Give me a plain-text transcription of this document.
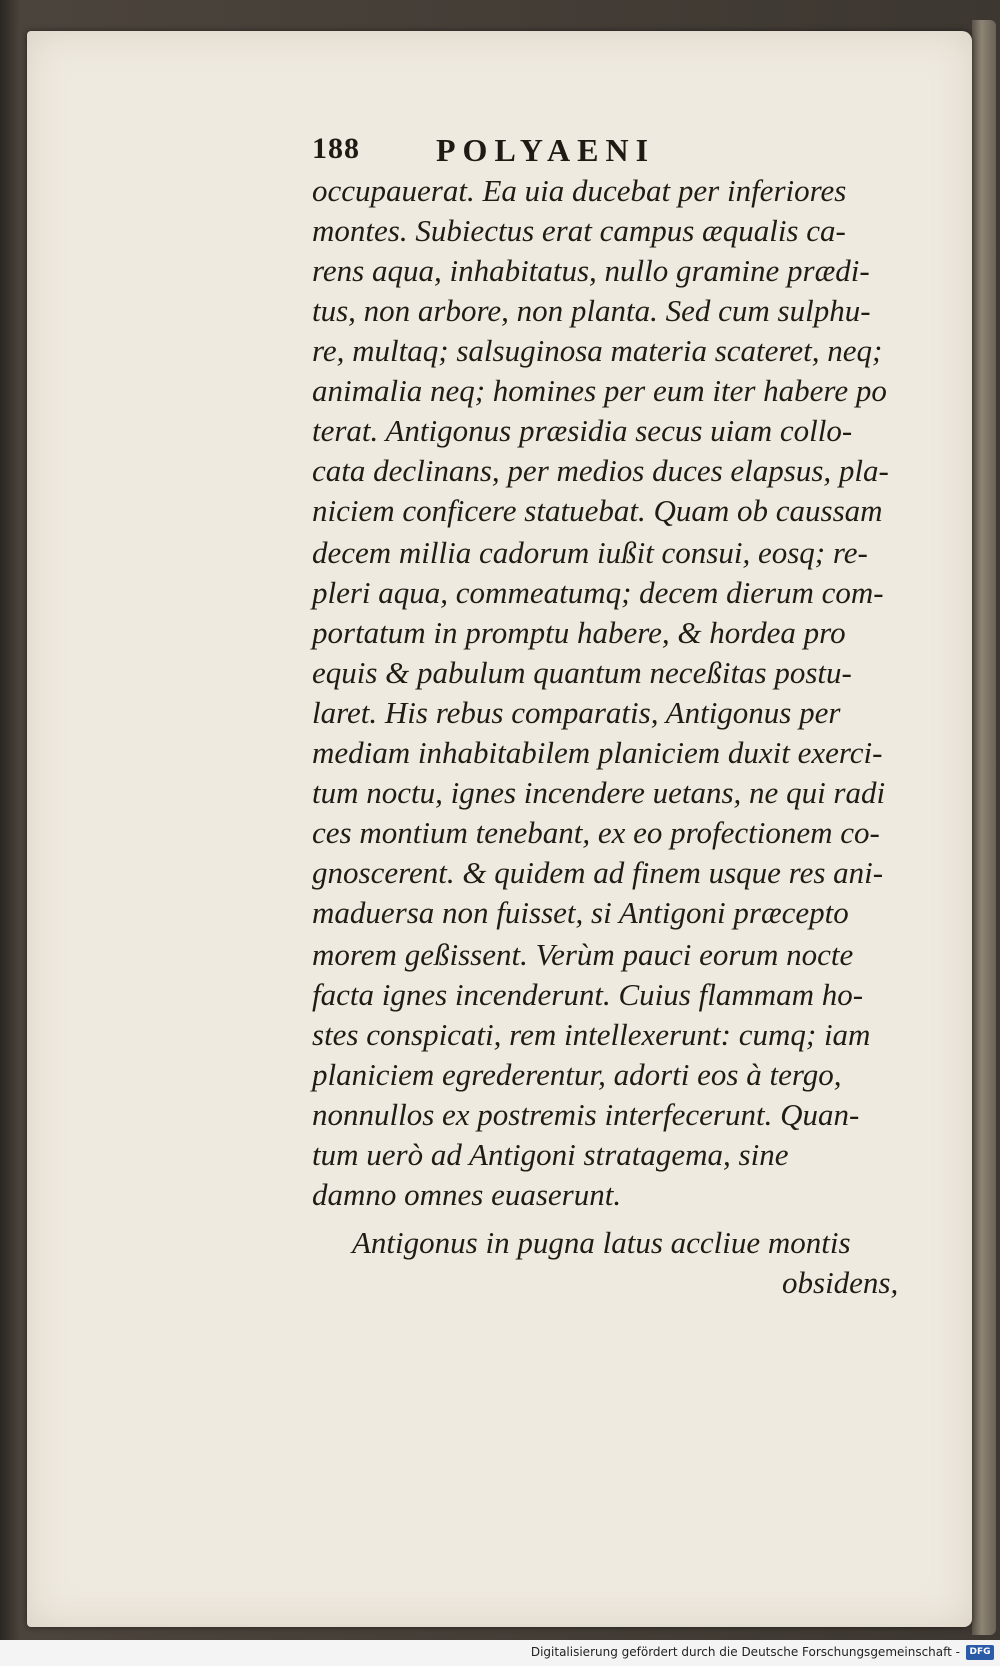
188 POLYAENI
occupauerat. Ea uia ducebat per inferiores
montes. Subiectus erat campus æqualis ca-
rens aqua, inhabitatus, nullo gramine prædi-
tus, non arbore, non planta. Sed cum sulphu-
re, multaq; salsuginosa materia scateret, neq;
animalia neq; homines per eum iter habere po
terat. Antigonus præsidia secus uiam collo-
cata declinans, per medios duces elapsus, pla-
niciem conficere statuebat. Quam ob caussam
decem millia cadorum iußit consui, eosq; re-
pleri aqua, commeatumq; decem dierum com-
portatum in promptu habere, & hordea pro
equis & pabulum quantum neceßitas postu-
laret. His rebus comparatis, Antigonus per
mediam inhabitabilem planiciem duxit exerci-
tum noctu, ignes incendere uetans, ne qui radi
ces montium tenebant, ex eo profectionem co-
gnoscerent. & quidem ad finem usque res ani-
maduersa non fuisset, si Antigoni præcepto
morem geßissent. Verùm pauci eorum nocte
facta ignes incenderunt. Cuius flammam ho-
stes conspicati, rem intellexerunt: cumq; iam
planiciem egrederentur, adorti eos à tergo,
nonnullos ex postremis interfecerunt. Quan-
tum uerò ad Antigoni stratagema, sine
damno omnes euaserunt.
Antigonus in pugna latus accliue montis
obsidens,
Digitalisierung gefördert durch die Deutsche Forschungsgemeinschaft -	DFG
